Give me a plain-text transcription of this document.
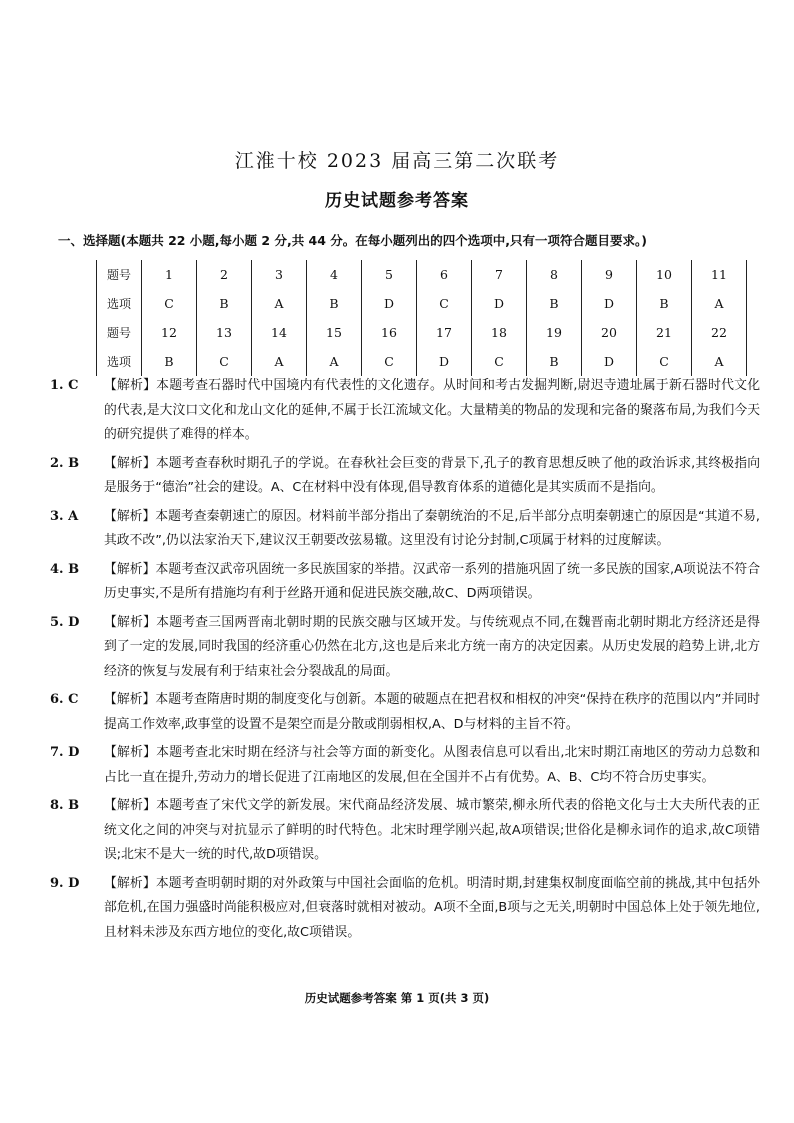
江淮十校 2023 届高三第二次联考
历史试题参考答案
一、选择题(本题共 22 小题,每小题 2 分,共 44 分。在每小题列出的四个选项中,只有一项符合题目要求。)
题号	1	2	3	4	5	6	7	8	9	10	11
选项	C	B	A	B	D	C	D	B	D	B	A
题号	12	13	14	15	16	17	18	19	20	21	22
选项	B	C	A	A	C	D	C	B	D	C	A
1. C	【解析】本题考查石器时代中国境内有代表性的文化遗存。从时间和考古发掘判断,尉迟寺遗址属于新石器时代文化的代表,是大汶口文化和龙山文化的延伸,不属于长江流域文化。大量精美的物品的发现和完备的聚落布局,为我们今天的研究提供了难得的样本。
2. B	【解析】本题考查春秋时期孔子的学说。在春秋社会巨变的背景下,孔子的教育思想反映了他的政治诉求,其终极指向是服务于“德治”社会的建设。A、C在材料中没有体现,倡导教育体系的道德化是其实质而不是指向。
3. A	【解析】本题考查秦朝速亡的原因。材料前半部分指出了秦朝统治的不足,后半部分点明秦朝速亡的原因是“其道不易,其政不改”,仍以法家治天下,建议汉王朝要改弦易辙。这里没有讨论分封制,C项属于材料的过度解读。
4. B	【解析】本题考查汉武帝巩固统一多民族国家的举措。汉武帝一系列的措施巩固了统一多民族的国家,A项说法不符合历史事实,不是所有措施均有利于丝路开通和促进民族交融,故C、D两项错误。
5. D	【解析】本题考查三国两晋南北朝时期的民族交融与区域开发。与传统观点不同,在魏晋南北朝时期北方经济还是得到了一定的发展,同时我国的经济重心仍然在北方,这也是后来北方统一南方的决定因素。从历史发展的趋势上讲,北方经济的恢复与发展有利于结束社会分裂战乱的局面。
6. C	【解析】本题考查隋唐时期的制度变化与创新。本题的破题点在把君权和相权的冲突“保持在秩序的范围以内”并同时提高工作效率,政事堂的设置不是架空而是分散或削弱相权,A、D与材料的主旨不符。
7. D	【解析】本题考查北宋时期在经济与社会等方面的新变化。从图表信息可以看出,北宋时期江南地区的劳动力总数和占比一直在提升,劳动力的增长促进了江南地区的发展,但在全国并不占有优势。A、B、C均不符合历史事实。
8. B	【解析】本题考查了宋代文学的新发展。宋代商品经济发展、城市繁荣,柳永所代表的俗艳文化与士大夫所代表的正统文化之间的冲突与对抗显示了鲜明的时代特色。北宋时理学刚兴起,故A项错误;世俗化是柳永词作的追求,故C项错误;北宋不是大一统的时代,故D项错误。
9. D	【解析】本题考查明朝时期的对外政策与中国社会面临的危机。明清时期,封建集权制度面临空前的挑战,其中包括外部危机,在国力强盛时尚能积极应对,但衰落时就相对被动。A项不全面,B项与之无关,明朝时中国总体上处于领先地位,且材料未涉及东西方地位的变化,故C项错误。
历史试题参考答案 第 1 页(共 3 页)
